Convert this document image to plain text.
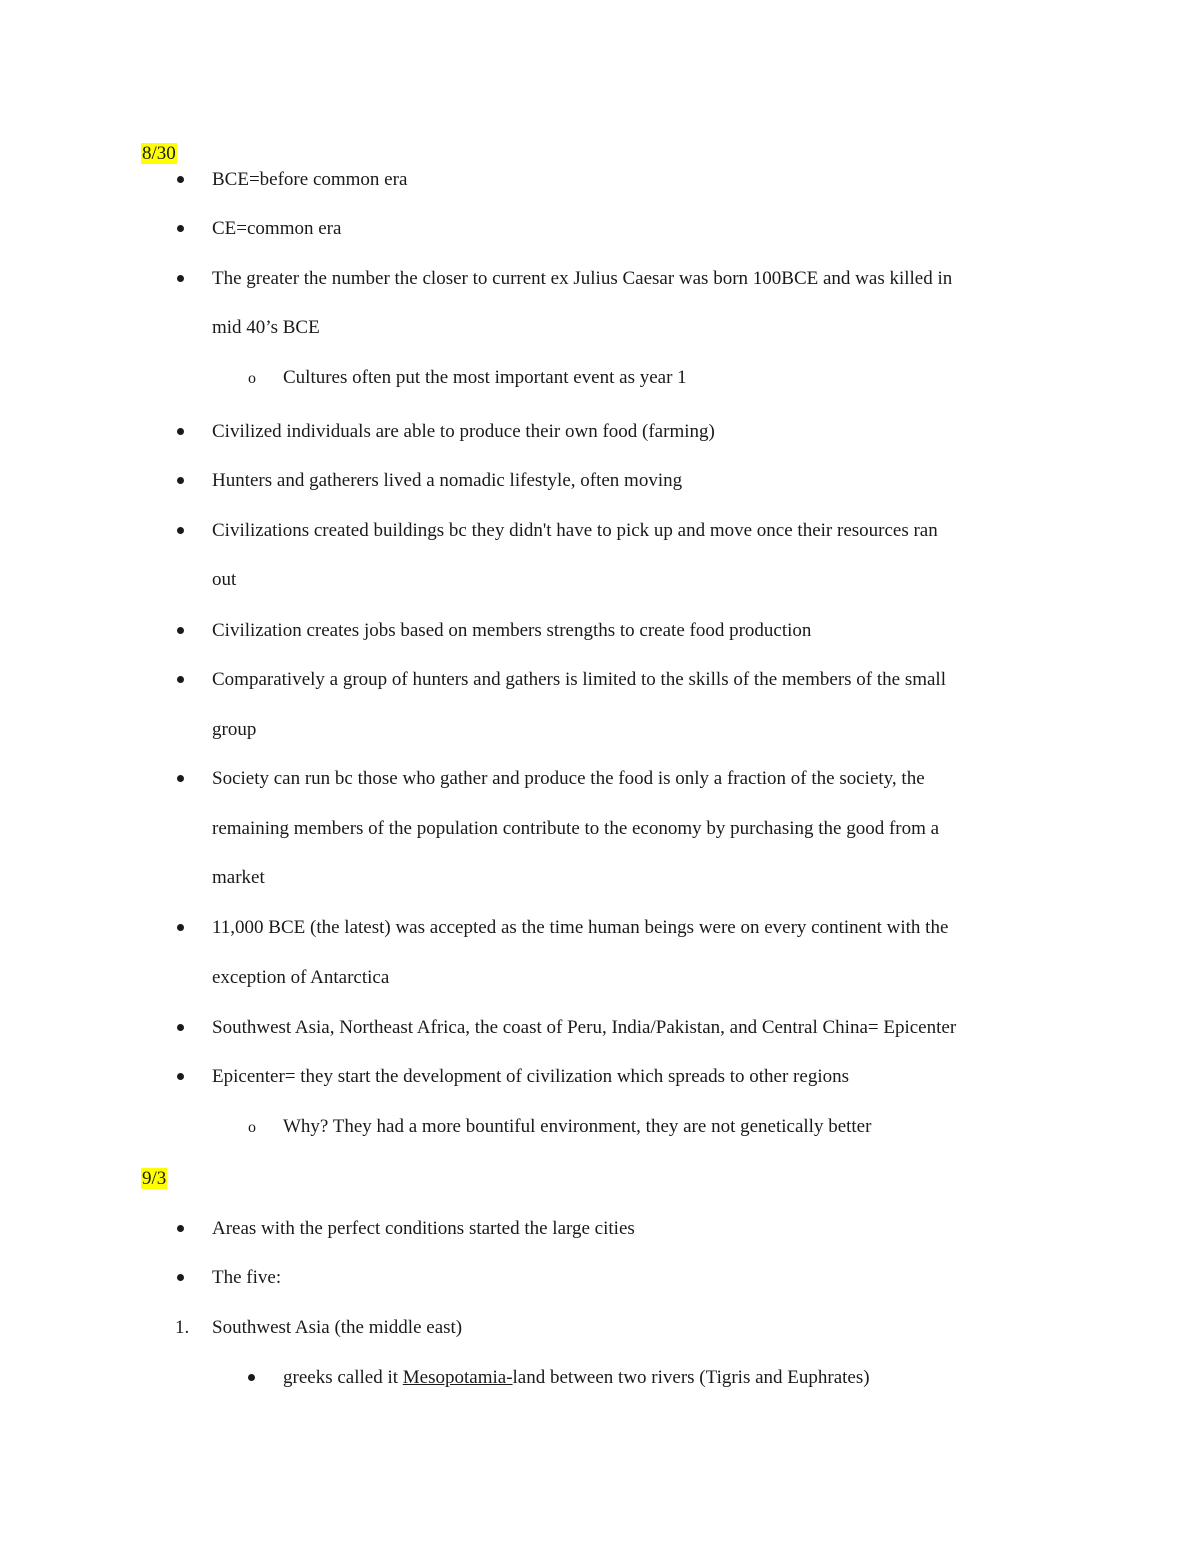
8/30
BCE=before common era
CE=common era
The greater the number the closer to current ex Julius Caesar was born 100BCE and was killed in
mid 40’s BCE
o Cultures often put the most important event as year 1
Civilized individuals are able to produce their own food (farming)
Hunters and gatherers lived a nomadic lifestyle, often moving
Civilizations created buildings bc they didn't have to pick up and move once their resources ran
out
Civilization creates jobs based on members strengths to create food production
Comparatively a group of hunters and gathers is limited to the skills of the members of the small
group
Society can run bc those who gather and produce the food is only a fraction of the society, the
remaining members of the population contribute to the economy by purchasing the good from a
market
11,000 BCE (the latest) was accepted as the time human beings were on every continent with the
exception of Antarctica
Southwest Asia, Northeast Africa, the coast of Peru, India/Pakistan, and Central China= Epicenter
Epicenter= they start the development of civilization which spreads to other regions
o Why? They had a more bountiful environment, they are not genetically better
9/3
Areas with the perfect conditions started the large cities
The five:
1. Southwest Asia (the middle east)
greeks called it Mesopotamia-land between two rivers (Tigris and Euphrates)
